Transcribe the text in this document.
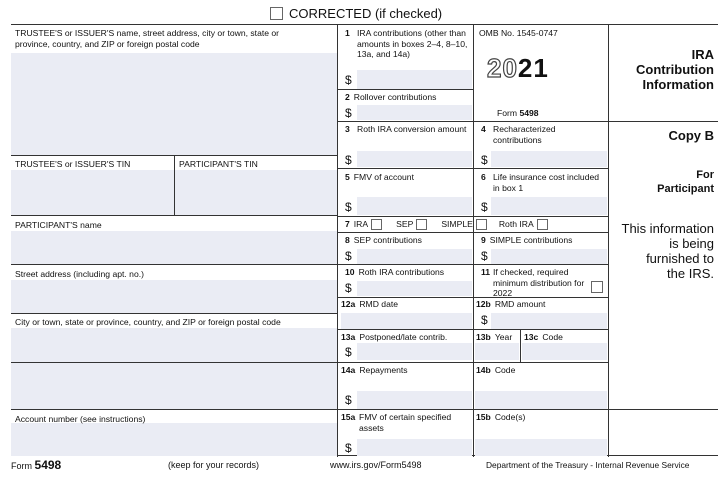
CORRECTED (if checked)
TRUSTEE'S or ISSUER'S name, street address, city or town, state or province, country, and ZIP or foreign postal code
TRUSTEE'S or ISSUER'S TIN	PARTICIPANT'S TIN
PARTICIPANT'S name
Street address (including apt. no.)
City or town, state or province, country, and ZIP or foreign postal code
Account number (see instructions)
1 IRA contributions (other than amounts in boxes 2–4, 8–10, 13a, and 14a)
$
2 Rollover contributions
$
OMB No. 1545-0747
2021
Form 5498
IRA
Contribution
Information
3 Roth IRA conversion amount
$
4 Recharacterized contributions
$
Copy B
For
Participant
5 FMV of account
$
6 Life insurance cost included in box 1
$
This information
is being
furnished to
the IRS.
7 IRA	SEP	SIMPLE	Roth IRA
8 SEP contributions
$
9 SIMPLE contributions
$
10 Roth IRA contributions
$
11 If checked, required minimum distribution for 2022
12a RMD date	12b RMD amount
$
13a Postponed/late contrib.
$
13b Year 13c Code
14a Repayments
$
14b Code
15a FMV of certain specified assets
$
15b Code(s)
Form 5498	(keep for your records)	www.irs.gov/Form5498	Department of the Treasury - Internal Revenue Service
